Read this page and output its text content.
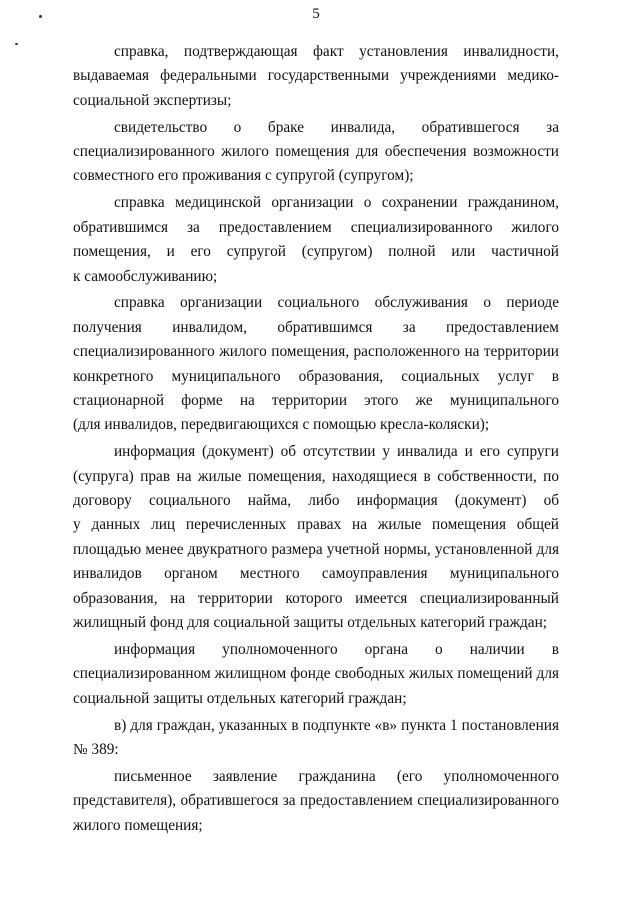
5
справка, подтверждающая факт установления инвалидности,
выдаваемая федеральными государственными учреждениями медико-
социальной экспертизы;
свидетельство о браке инвалида, обратившегося за
специализированного жилого помещения для обеспечения возможности
совместного его проживания с супругой (супругом);
справка медицинской организации о сохранении гражданином,
обратившимся за предоставлением специализированного жилого
помещения, и его супругой (супругом) полной или частичной
к самообслуживанию;
справка организации социального обслуживания о периоде
получения инвалидом, обратившимся за предоставлением
специализированного жилого помещения, расположенного на территории
конкретного муниципального образования, социальных услуг в
стационарной форме на территории этого же муниципального
(для инвалидов, передвигающихся с помощью кресла-коляски);
информация (документ) об отсутствии у инвалида и его супруги
(супруга) прав на жилые помещения, находящиеся в собственности, по
договору социального найма, либо информация (документ) об
у данных лиц перечисленных правах на жилые помещения общей
площадью менее двукратного размера учетной нормы, установленной для
инвалидов органом местного самоуправления муниципального
образования, на территории которого имеется специализированный
жилищный фонд для социальной защиты отдельных категорий граждан;
информация уполномоченного органа о наличии в
специализированном жилищном фонде свободных жилых помещений для
социальной защиты отдельных категорий граждан;
в) для граждан, указанных в подпункте «в» пункта 1 постановления
№ 389:
письменное заявление гражданина (его уполномоченного
представителя), обратившегося за предоставлением специализированного
жилого помещения;
